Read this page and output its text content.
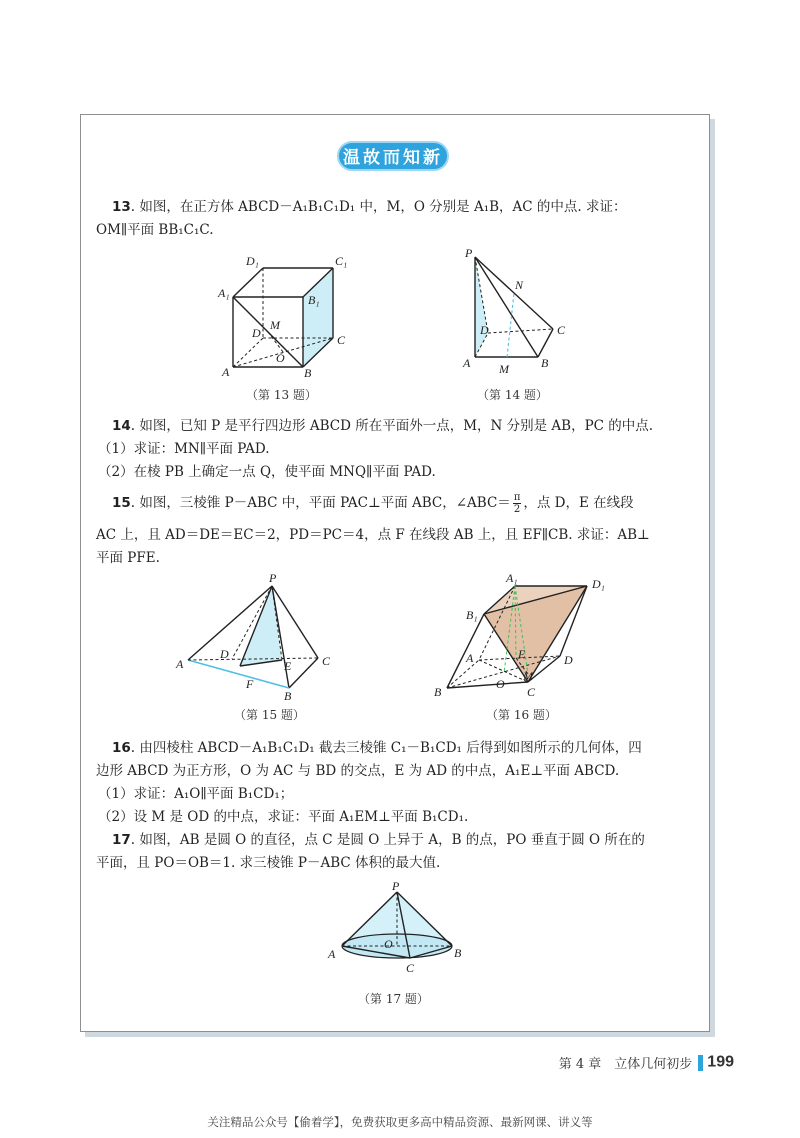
温故而知新
13. 如图，在正方体 ABCD－A₁B₁C₁D₁ 中，M，O 分别是 A₁B，AC 的中点. 求证：
OM∥平面 BB₁C₁C.
D₁	C₁
A₁	B₁
M
D	C
O
A	B
（第 13 题）
P
N
D	C
A M	B
（第 14 题）
14. 如图，已知 P 是平行四边形 ABCD 所在平面外一点，M，N 分别是 AB，PC 的中点.
（1）求证：MN∥平面 PAD.
（2）在棱 PB 上确定一点 Q，使平面 MNQ∥平面 PAD.
15. 如图，三棱锥 P－ABC 中，平面 PAC⊥平面 ABC，∠ABC＝ $\frac{\pi}{2}$ ，点 D，E 在线段
AC 上，且 AD＝DE＝EC＝2，PD＝PC＝4，点 F 在线段 AB 上，且 EF∥CB. 求证：AB⊥
平面 PFE.
P
A
D
E	C
F
B
（第 15 题）
A₁	D₁
B₁
A	E	D
O
M
B	C
（第 16 题）
16. 由四棱柱 ABCD－A₁B₁C₁D₁ 截去三棱锥 C₁－B₁CD₁ 后得到如图所示的几何体，四
边形 ABCD 为正方形，O 为 AC 与 BD 的交点，E 为 AD 的中点，A₁E⊥平面 ABCD.
（1）求证：A₁O∥平面 B₁CD₁；
（2）设 M 是 OD 的中点，求证：平面 A₁EM⊥平面 B₁CD₁.
17. 如图，AB 是圆 O 的直径，点 C 是圆 O 上异于 A，B 的点，PO 垂直于圆 O 所在的
平面，且 PO＝OB＝1. 求三棱锥 P－ABC 体积的最大值.
P
A
O
B
C
（第 17 题）
第 4 章　立体几何初步 199
关注精品公众号【偷着学】，免费获取更多高中精品资源、最新网课、讲义等
